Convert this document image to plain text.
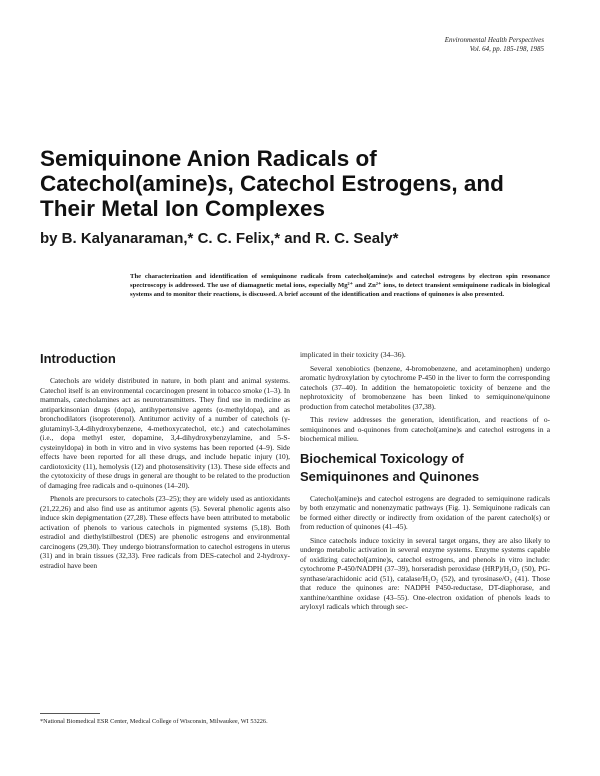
Environmental Health Perspectives
Vol. 64, pp. 185-198, 1985
Semiquinone Anion Radicals of
Catechol(amine)s, Catechol Estrogens, and
Their Metal Ion Complexes
by B. Kalyanaraman,* C. C. Felix,* and R. C. Sealy*
The characterization and identification of semiquinone radicals from catechol(amine)s and catechol estrogens by electron spin resonance spectroscopy is addressed. The use of diamagnetic metal ions, especially Mg²⁺ and Zn²⁺ ions, to detect transient semiquinone radicals in biological systems and to monitor their reactions, is discussed. A brief account of the identification and reactions of quinones is also presented.
Introduction

Catechols are widely distributed in nature, in both plant and animal systems. Catechol itself is an environmental cocarcinogen present in tobacco smoke (1–3). In mammals, catecholamines act as neurotransmitters. They find use in medicine as antiparkinsonian drugs (dopa), antihypertensive agents (α-methyldopa), and as bronchodilators (isoproterenol). Antitumor activity of a number of catechols (γ-glutaminyl-3,4-dihydroxybenzene, 4-methoxycatechol, etc.) and catecholamines (i.e., dopa methyl ester, dopamine, 3,4-dihydroxybenzylamine, and 5-S-cysteinyldopa) in both in vitro and in vivo systems has been reported (4–9). Side effects have been reported for all these drugs, and include hepatic injury (10), cardiotoxicity (11), hemolysis (12) and photosensitivity (13). These side effects and the cytotoxicity of these drugs in general are thought to be related to the production of damaging free radicals and o-quinones (14–20).

Phenols are precursors to catechols (23–25); they are widely used as antioxidants (21,22,26) and also find use as antitumor agents (5). Several phenolic agents also induce skin depigmentation (27,28). These effects have been attributed to metabolic activation of phenols to various catechols in pigmented systems (5,18). Both estradiol and diethylstilbestrol (DES) are phenolic estrogens and environmental carcinogens (29,30). They undergo biotransformation to catechol estrogens in uterus (31) and in brain tissues (32,33). Free radicals from DES-catechol and 2-hydroxy-estradiol have been

implicated in their toxicity (34–36).

Several xenobiotics (benzene, 4-bromobenzene, and acetaminophen) undergo aromatic hydroxylation by cytochrome P-450 in the liver to form the corresponding catechols (37–40). In addition the hematopoietic toxicity of benzene and the nephrotoxicity of bromobenzene has been linked to semiquinone/quinone production from catechol metabolites (37,38).

This review addresses the generation, identification, and reactions of o-semiquinones and o-quinones from catechol(amine)s and catechol estrogens in a biochemical milieu.

Biochemical Toxicology of
Semiquinones and Quinones

Catechol(amine)s and catechol estrogens are degraded to semiquinone radicals by both enzymatic and nonenzymatic pathways (Fig. 1). Semiquinone radicals can be formed either directly or indirectly from oxidation of the parent catechol(s) or from reduction of quinones (41–45).

Since catechols induce toxicity in several target organs, they are also likely to undergo metabolic activation in several enzyme systems. Enzyme systems capable of oxidizing catechol(amine)s, catechol estrogens, and phenols in vitro include: cytochrome P-450/NADPH (37–39), horseradish peroxidase (HRP)/H₂O₂ (50), PG-synthase/arachidonic acid (51), catalase/H₂O₂ (52), and tyrosinase/O₂ (41). Those that reduce the quinones are: NADPH P450-reductase, DT-diaphorase, and xanthine/xanthine oxidase (43–55). One-electron oxidation of phenols leads to aryloxyl radicals which through sec-

*National Biomedical ESR Center, Medical College of Wisconsin, Milwaukee, WI 53226.
